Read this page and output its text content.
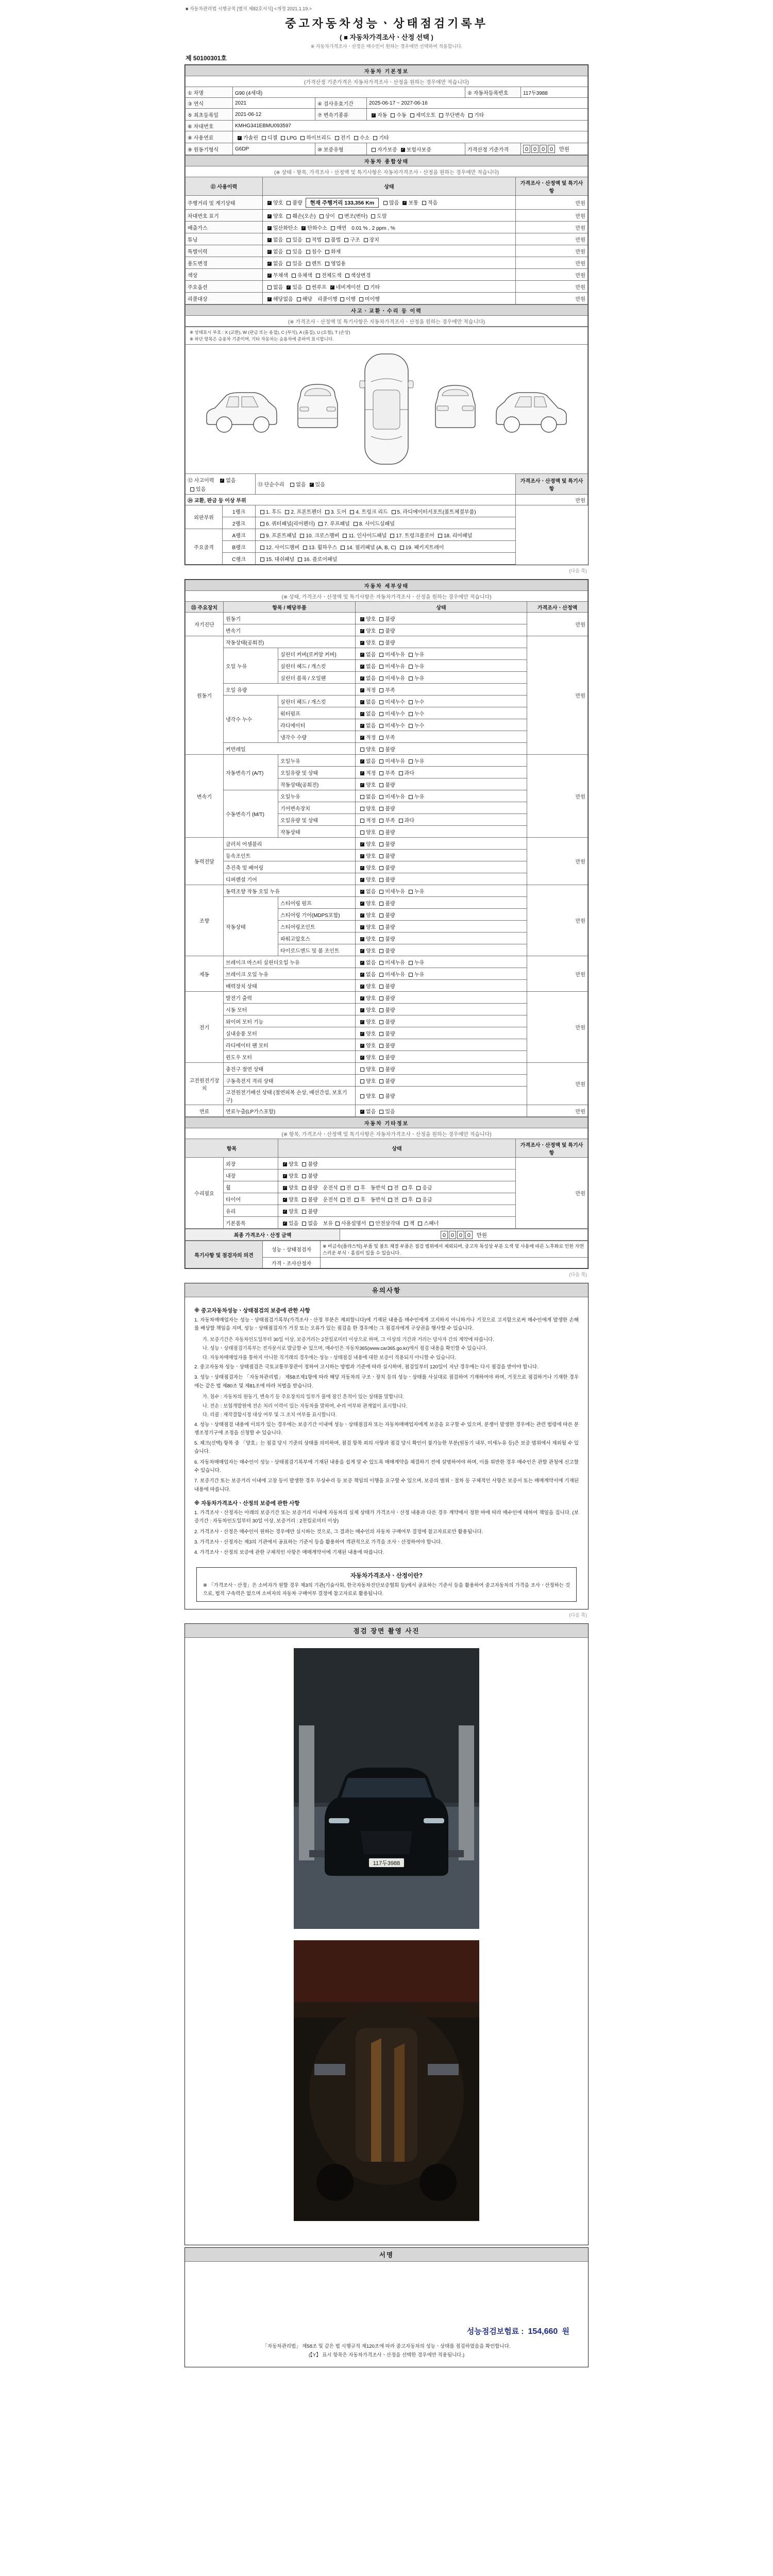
■ 자동차관리법 시행규칙 [별지 제82호서식] <개정 2021.1.19.>
중고자동차성능ㆍ상태점검기록부
( ■ 자동차가격조사ㆍ산정 선택 )
※ 자동차가격조사ㆍ산정은 매수인이 원하는 경우에만 선택하여 적용합니다.
제 50100301호
자동차 기본정보					
(가격산정 기준가격은 자동차가격조사ㆍ산정을 원하는 경우에만 적습니다)					
① 차명	G90 (4세대)			② 자동차등록번호	117두3988
③ 연식	2021	④ 검사유효기간	2025-06-17 ~ 2027-06-16		
⑤ 최초등록일	2021-06-12	⑦ 변속기종류	✓자동 수동 세미오토 무단변속 기타
⑥ 차대번호	KMHG341EBMU093597				
⑧ 사용연료	✓가솔린 디젤 LPG 하이브리드 전기 수소 기타
⑨ 원동기형식	G6DP	⑩ 보증유형	자가보증 ✓ 보험사보증	가격산정 기준가격	0 0 0 0 만원
자동차 종합상태		
(※ 상태ㆍ항목, 가격조사ㆍ산정액 및 특기사항은 자동차가격조사ㆍ산정을 원하는 경우에만 적습니다)		
⑪ 사용이력	상태	가격조사ㆍ산정액 및 특기사항
주행거리 및 계기상태	✓양호 불량 현재 주행거리 133,356 Km 많음 ✓ 보통 적음	만원
차대번호 표기	✓양호 훼손(오손) 상이 변조(변타) 도말	만원
배출가스	✓일산화탄소 ✓ 탄화수소 매연 0.01 % , 2 ppm , %	만원
튜닝	✓없음 있음 적법 불법 구조 장치	만원
특별이력	✓없음 있음 침수 화재	만원
용도변경	✓없음 있음 렌트 영업용	만원
색상	✓무채색 유채색 전체도색 색상변경	만원
주요옵션	없음 ✓ 있음 썬루프 ✓ 네비게이션 기타	만원
리콜대상	✓해당없음 해당 리콜이행 이행 미이행	만원
사고ㆍ교환ㆍ수리 등 이력
(※ 가격조사ㆍ산정액 및 특기사항은 자동차가격조사ㆍ산정을 원하는 경우에만 적습니다)

※ 상태표시 부호 : X (교환), W (판금 또는 용접), C (부식), A (흠집), U (요철), T (손상)

※ 하단 항목은 승용차 기준이며, 기타 자동차는 승용차에 준하여 표시합니다.

⑫ 사고이력 ✓ 없음있음		⑬ 단순수리 없음 ✓ 있음	가격조사ㆍ산정액 및 특기사항
⑭ 교환, 판금 등 이상 부위			만원
외판부위	1랭크	1. 후드 2. 프론트펜더 3. 도어 4. 트렁크 리드 5. 라디에이터서포트(볼트체결부품)	
	2랭크	6. 쿼터패널(리어펜더) 7. 루프패널 8. 사이드실패널	
주요골격	A랭크	9. 프론트패널 10. 크로스멤버 11. 인사이드패널 17. 트렁크플로어 18. 리어패널	
	B랭크	12. 사이드멤버 13. 휠하우스 14. 필러패널 (A, B, C) 19. 패키지트레이	
	C랭크	15. 대쉬패널 16. 플로어패널	
(다음 쪽)
자동차 세부상태				
(※ 상태, 가격조사ㆍ산정액 및 특기사항은 자동차가격조사ㆍ산정을 원하는 경우에만 적습니다)				
⑮ 주요장치	항목 / 해당부품		상태	가격조사ㆍ산정액
자기진단	원동기	✓양호 불량	만원
	변속기	✓양호 불량
원동기	작동상태(공회전)	✓양호 불량	만원
	오일 누유	실린더 커버(로커암 커버)	✓없음 미세누유 누유
		실린더 헤드 / 개스킷	✓없음 미세누유 누유
		실린더 블록 / 오일팬	✓없음 미세누유 누유
	오일 유량	✓적정 부족
	냉각수 누수	실린더 헤드 / 개스킷	✓없음 미세누수 누수
		워터펌프	✓없음 미세누수 누수
		라디에이터	✓없음 미세누수 누수
		냉각수 수량	✓적정 부족
	커먼레일		양호 불량	
변속기	자동변속기 (A/T)	오일누유	✓없음 미세누유 누유	만원
		오일유량 및 상태	✓적정 부족 과다
		작동상태(공회전)	✓양호 불량
	수동변속기 (M/T)	오일누유	없음 미세누유 누유	
		기어변속장치	양호 불량	
		오일유량 및 상태	적정 부족 과다	
		작동상태	양호 불량	
동력전달	클러치 어셈블리	✓양호 불량	만원
	등속조인트	✓양호 불량
	추진축 및 베어링	✓양호 불량
	디퍼렌셜 기어	✓양호 불량
조향	동력조향 작동 오일 누유	✓없음 미세누유 누유	만원
	작동상태	스티어링 펌프	✓양호 불량
		스티어링 기어(MDPS포함)	✓양호 불량
		스티어링조인트	✓양호 불량
		파워고압호스	✓양호 불량
		타이로드엔드 및 볼 조인트	✓양호 불량
제동	브레이크 마스터 실린더오일 누유	✓없음 미세누유 누유	만원
	브레이크 오일 누유	✓없음 미세누유 누유
	배력장치 상태	✓양호 불량
전기	발전기 출력	✓양호 불량	만원
	시동 모터	✓양호 불량
	와이퍼 모터 기능	✓양호 불량
	실내송풍 모터	✓양호 불량
	라디에이터 팬 모터	✓양호 불량
	윈도우 모터	✓양호 불량
고전원전기장치	충전구 절연 상태		양호 불량	만원
	구동축전지 격리 상태		양호 불량	
	고전원전기배선 상태 (절연피복 손상, 배선간섭, 보호기구)		양호 불량	
연료	연료누출(LP가스포함)	✓없음 있음	만원
자동차 기타정보			
(※ 항목, 가격조사ㆍ산정액 및 특기사항은 자동차가격조사ㆍ산정을 원하는 경우에만 적습니다)			
항목		상태	가격조사ㆍ산정액 및 특기사항
수리필요	외장	✓양호 불량	만원
	내장	✓양호 불량
	휠	✓양호 불량 운전석 전 후 동반석 전 후 응급
	타이어	✓양호 불량 운전석 전 후 동반석 전 후 응급
	유리	✓양호 불량
	기본품목	✓있음 없음 보유 사용설명서 안전삼각대 잭 스패너
최종 가격조사ㆍ산정 금액	0 0 0 0 만원
특기사항 및 점검자의 의견	성능ㆍ상태점검자	※ 비금속(플라스틱) 부품 및 볼트 체결 부품은 점검 범위에서 제외되며, 중고차 특성상 부분 도색 및 사용에 따른 노후화로 인한 자연스러운 부식ㆍ흠집이 있을 수 있습니다.
	가격ㆍ조사산정자	
(다음 쪽)
유의사항

※ 중고자동차성능ㆍ상태점검의 보증에 관한 사항

1. 자동차매매업자는 성능ㆍ상태점검기록부(가격조사ㆍ산정 부분은 제외합니다)에 기재된 내용을 매수인에게 고지하지 아니하거나 거짓으로 고지함으로써 매수인에게 발생한 손해를 배상할 책임을 지며, 성능ㆍ상태점검자가 거짓 또는 오류가 있는 점검을 한 경우에는 그 점검자에게 구상권을 행사할 수 있습니다.

가. 보증기간은 자동차인도일부터 30일 이상, 보증거리는 2천킬로미터 이상으로 하며, 그 이상의 기간과 거리는 당사자 간의 계약에 따릅니다.

나. 성능ㆍ상태점검기록부는 전자문서로 발급할 수 있으며, 매수인은 자동차365(www.car365.go.kr)에서 점검 내용을 확인할 수 있습니다.

다. 자동차매매업자를 통하지 아니한 직거래의 경우에는 성능ㆍ상태점검 내용에 대한 보증이 적용되지 아니할 수 있습니다.

2. 중고자동차 성능ㆍ상태점검은 국토교통부장관이 정하여 고시하는 방법과 기준에 따라 실시하며, 점검일부터 120일이 지난 경우에는 다시 점검을 받아야 합니다.

3. 성능ㆍ상태점검자는 「자동차관리법」 제58조제1항에 따라 해당 자동차의 구조ㆍ장치 등의 성능ㆍ상태를 사실대로 점검하여 기재하여야 하며, 거짓으로 점검하거나 기재한 경우에는 같은 법 제80조 및 제81조에 따라 처벌을 받습니다.

가. 침수 : 자동차의 원동기, 변속기 등 주요장치의 일부가 물에 잠긴 흔적이 있는 상태를 말합니다.

나. 전손 : 보험개발원에 전손 처리 이력이 있는 자동차를 말하며, 수리 여부와 관계없이 표시합니다.

다. 리콜 : 제작결함시정 대상 여부 및 그 조치 여부를 표시합니다.

4. 성능ㆍ상태점검 내용에 이의가 있는 경우에는 보증기간 이내에 성능ㆍ상태점검자 또는 자동차매매업자에게 보증을 요구할 수 있으며, 분쟁이 발생한 경우에는 관련 법령에 따른 분쟁조정기구에 조정을 신청할 수 있습니다.

5. 체크(선택) 항목 중 「양호」는 점검 당시 기준의 상태를 의미하며, 점검 항목 외의 사항과 점검 당시 확인이 불가능한 부분(원동기 내부, 미세누유 등)은 보증 범위에서 제외될 수 있습니다.

6. 자동차매매업자는 매수인이 성능ㆍ상태점검기록부에 기재된 내용을 쉽게 알 수 있도록 매매계약을 체결하기 전에 설명하여야 하며, 이를 위반한 경우 매수인은 관할 관청에 신고할 수 있습니다.

7. 보증기간 또는 보증거리 이내에 고장 등이 발생한 경우 무상수리 등 보증 책임의 이행을 요구할 수 있으며, 보증의 범위ㆍ절차 등 구체적인 사항은 보증서 또는 매매계약서에 기재된 내용에 따릅니다.

※ 자동차가격조사ㆍ산정의 보증에 관한 사항

1. 가격조사ㆍ산정자는 아래의 보증기간 또는 보증거리 이내에 자동차의 실제 상태가 가격조사ㆍ산정 내용과 다른 경우 계약에서 정한 바에 따라 매수인에 대하여 책임을 집니다. (보증기간 : 자동차인도일부터 30일 이상, 보증거리 : 2천킬로미터 이상)

2. 가격조사ㆍ산정은 매수인이 원하는 경우에만 실시하는 것으로, 그 결과는 매수인의 자동차 구매여부 결정에 참고자료로만 활용됩니다.

3. 가격조사ㆍ산정자는 제3의 기관에서 공표하는 기준서 등을 활용하여 객관적으로 가격을 조사ㆍ산정하여야 합니다.

4. 가격조사ㆍ산정의 보증에 관한 구체적인 사항은 매매계약서에 기재된 내용에 따릅니다.

자동차가격조사ㆍ산정이란?
※ 「가격조사ㆍ산정」은 소비자가 원할 경우 제3의 기관(기술사회, 한국자동차진단보증협회 등)에서 공표하는 기준서 등을 활용하여 중고자동차의 가격을 조사ㆍ산정하는 것으로, 법적 구속력은 없으며 소비자의 자동차 구매여부 결정에 참고자료로 활용됩니다.
(다음 쪽)
점검 장면 촬영 사진
117두3988
서명
성능점검보험료 : 154,660 원

「자동차관리법」 제58조 및 같은 법 시행규칙 제120조에 따라 중고자동차의 성능ㆍ상태를 점검하였음을 확인합니다.

(【Y】 표시 항목은 자동차가격조사ㆍ산정을 선택한 경우에만 적용됩니다.)
